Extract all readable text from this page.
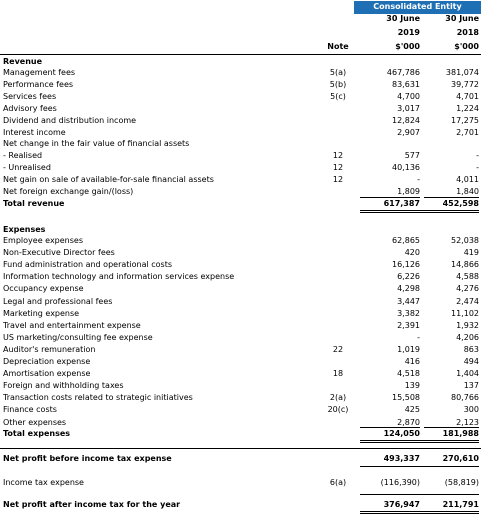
Consolidated Entity
30 June	30 June
2019	2018
Note	$'000	$'000
Revenue
Management fees	5(a)	467,786	381,074
Performance fees	5(b)	83,631	39,772
Services fees	5(c)	4,700	4,701
Advisory fees	3,017	1,224
Dividend and distribution income	12,824	17,275
Interest income	2,907	2,701
Net change in the fair value of financial assets
- Realised	12	577	-
- Unrealised	12	40,136	-
Net gain on sale of available-for-sale financial assets	12	-	4,011
Net foreign exchange gain/(loss)	1,809	1,840
Total revenue	617,387	452,598
Expenses
Employee expenses	62,865	52,038
Non-Executive Director fees	420	419
Fund administration and operational costs	16,126	14,866
Information technology and information services expense	6,226	4,588
Occupancy expense	4,298	4,276
Legal and professional fees	3,447	2,474
Marketing expense	3,382	11,102
Travel and entertainment expense	2,391	1,932
US marketing/consulting fee expense	-	4,206
Auditor's remuneration	22	1,019	863
Depreciation expense	416	494
Amortisation expense	18	4,518	1,404
Foreign and withholding taxes	139	137
Transaction costs related to strategic initiatives	2(a)	15,508	80,766
Finance costs	20(c)	425	300
Other expenses	2,870	2,123
Total expenses	124,050	181,988
Net profit before income tax expense	493,337	270,610
Income tax expense	6(a)	(116,390)	(58,819)
Net profit after income tax for the year	376,947	211,791
